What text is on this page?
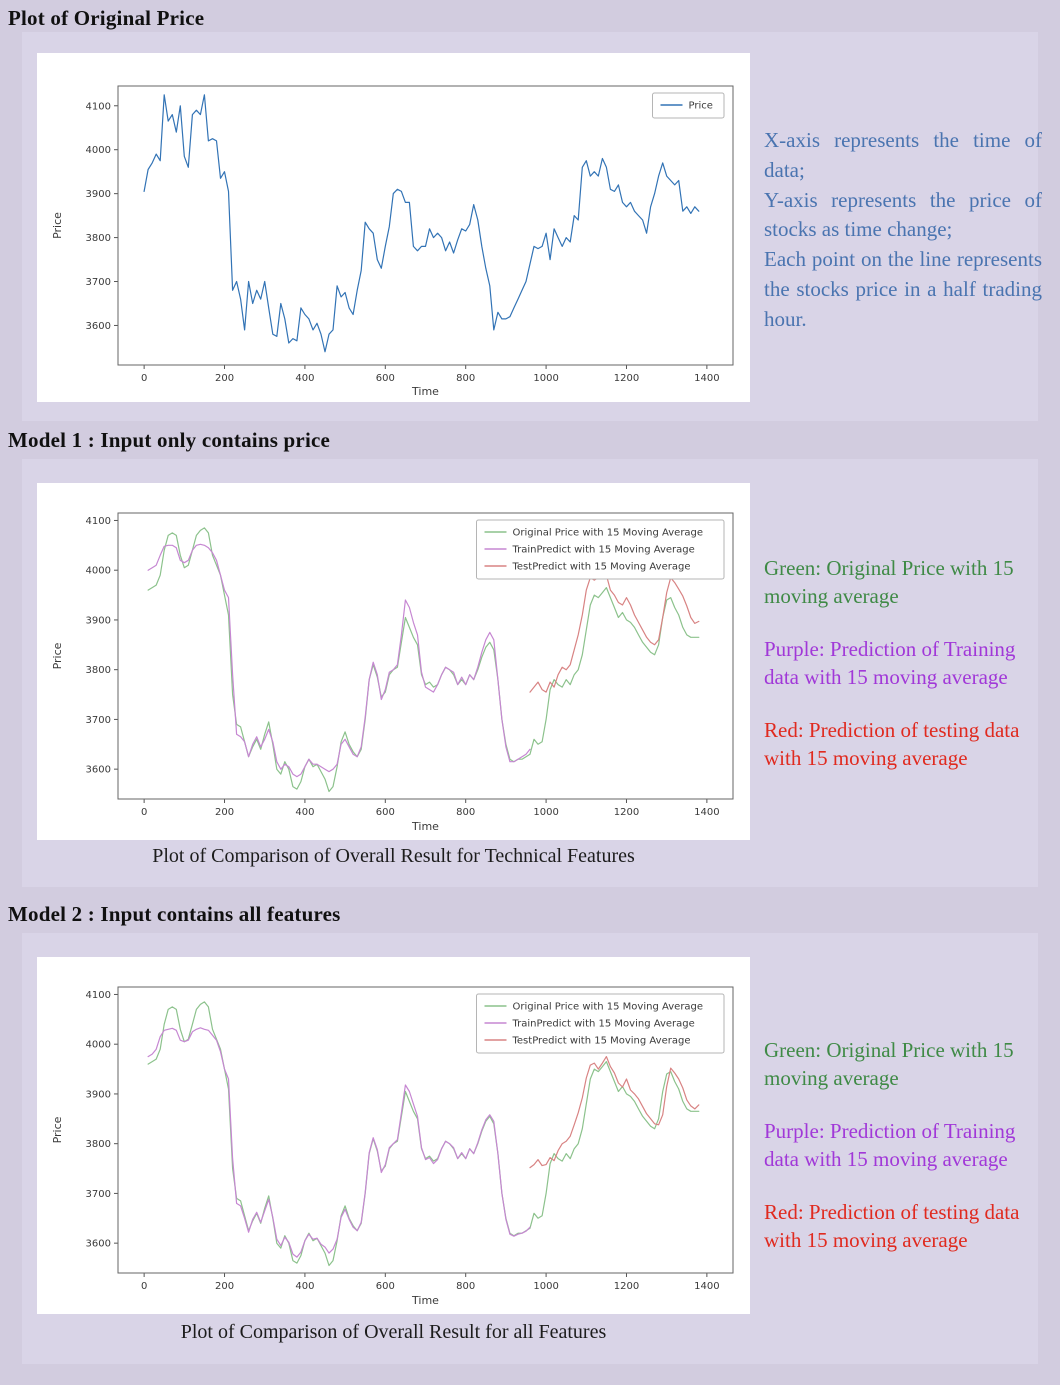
Plot of Original Price
0	200	400	600	800	1000	1200	1400
3600
3700
3800
3900
4000
4100
Time
Price
Price
X-axis represents the time of data;
Y-axis represents the price of stocks as time change;
Each point on the line represents the stocks price in a half trading hour.
Model 1 : Input only contains price
0	200	400	600	800	1000	1200	1400
3600
3700
3800
3900
4000
4100
Time
Price
Original Price with 15 Moving Average
TrainPredict with 15 Moving Average
TestPredict with 15 Moving Average	Green: Original Price with 15 moving average
Purple: Prediction of Training data with 15 moving average
Red: Prediction of testing data with 15 moving average
Plot of Comparison of Overall Result for Technical Features
Model 2 : Input contains all features
0	200	400	600	800	1000	1200	1400
3600
3700
3800
3900
4000
4100
Time
Price
Original Price with 15 Moving Average
TrainPredict with 15 Moving Average
TestPredict with 15 Moving Average	Green: Original Price with 15 moving average
Purple: Prediction of Training data with 15 moving average
Red: Prediction of testing data with 15 moving average
Plot of Comparison of Overall Result for all Features
